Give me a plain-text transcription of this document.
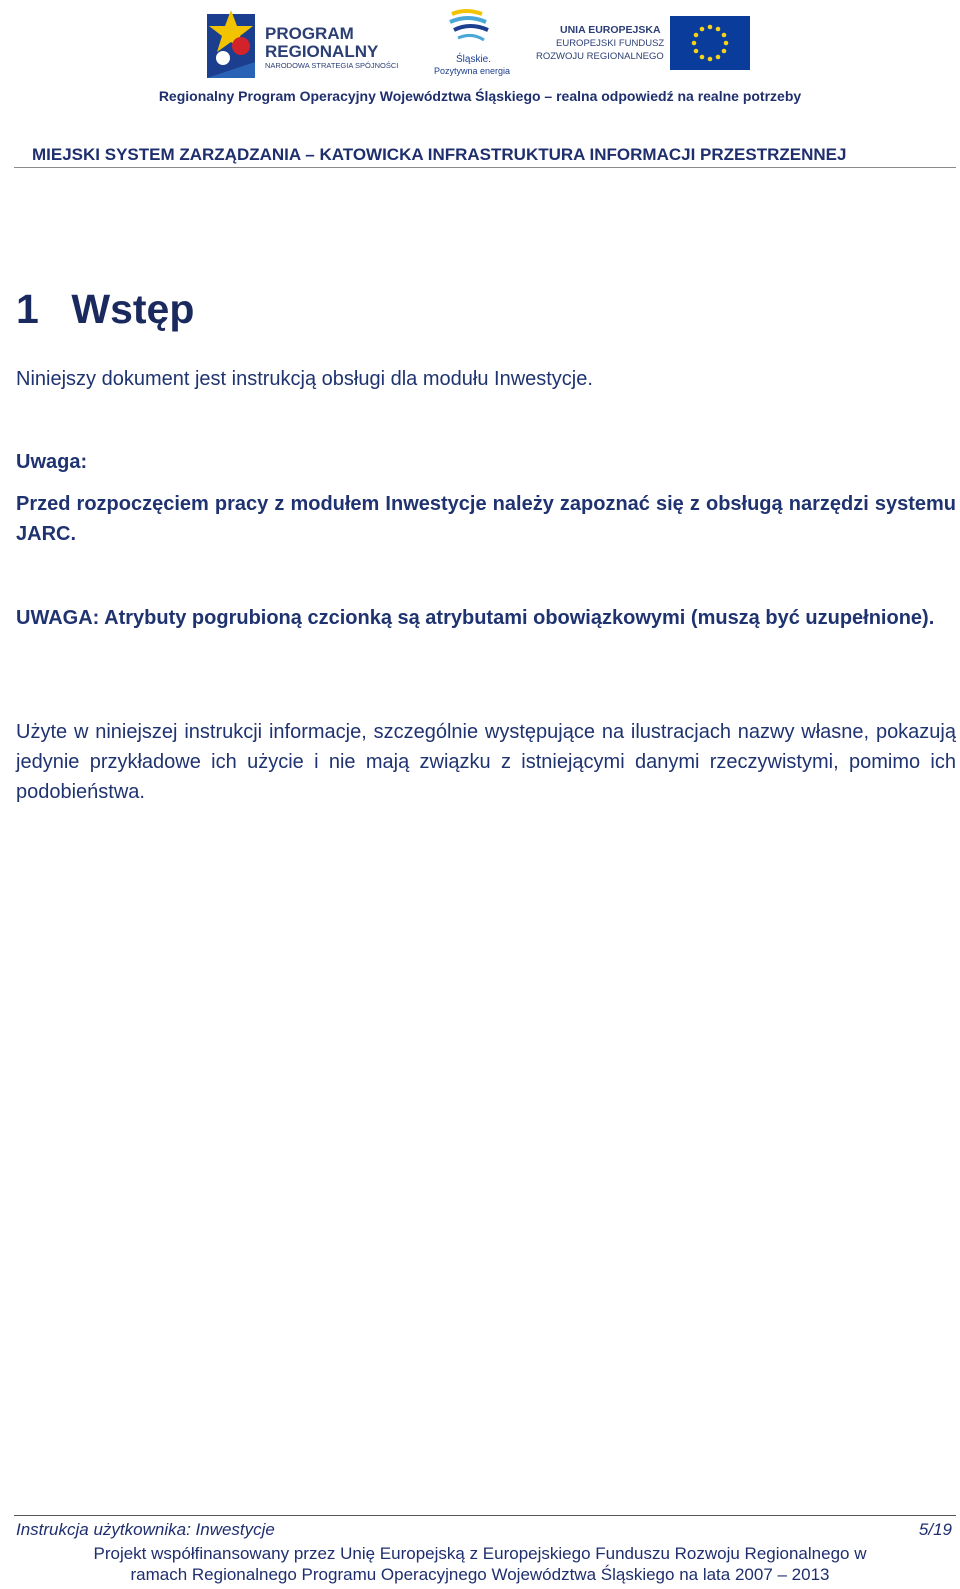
PROGRAM
REGIONALNY
NARODOWA STRATEGIA SPÓJNOŚCI
Śląskie.
Pozytywna energia
UNIA EUROPEJSKA
EUROPEJSKI FUNDUSZ
ROZWOJU REGIONALNEGO
Regionalny Program Operacyjny Województwa Śląskiego – realna odpowiedź na realne potrzeby
MIEJSKI SYSTEM ZARZĄDZANIA – KATOWICKA INFRASTRUKTURA INFORMACJI PRZESTRZENNEJ
1 Wstęp

Niniejszy dokument jest instrukcją obsługi dla modułu Inwestycje.

Uwaga:

Przed rozpoczęciem pracy z modułem Inwestycje należy zapoznać się z obsługą narzędzi systemu JARC.

UWAGA: Atrybuty pogrubioną czcionką są atrybutami obowiązkowymi (muszą być uzupełnione).

Użyte w niniejszej instrukcji informacje, szczególnie występujące na ilustracjach nazwy własne, pokazują jedynie przykładowe ich użycie i nie mają związku z istniejącymi danymi rzeczywistymi, pomimo ich podobieństwa.

Instrukcja użytkownika: Inwestycje	5/19

Projekt współfinansowany przez Unię Europejską z Europejskiego Funduszu Rozwoju Regionalnego w
ramach Regionalnego Programu Operacyjnego Województwa Śląskiego na lata 2007 – 2013
